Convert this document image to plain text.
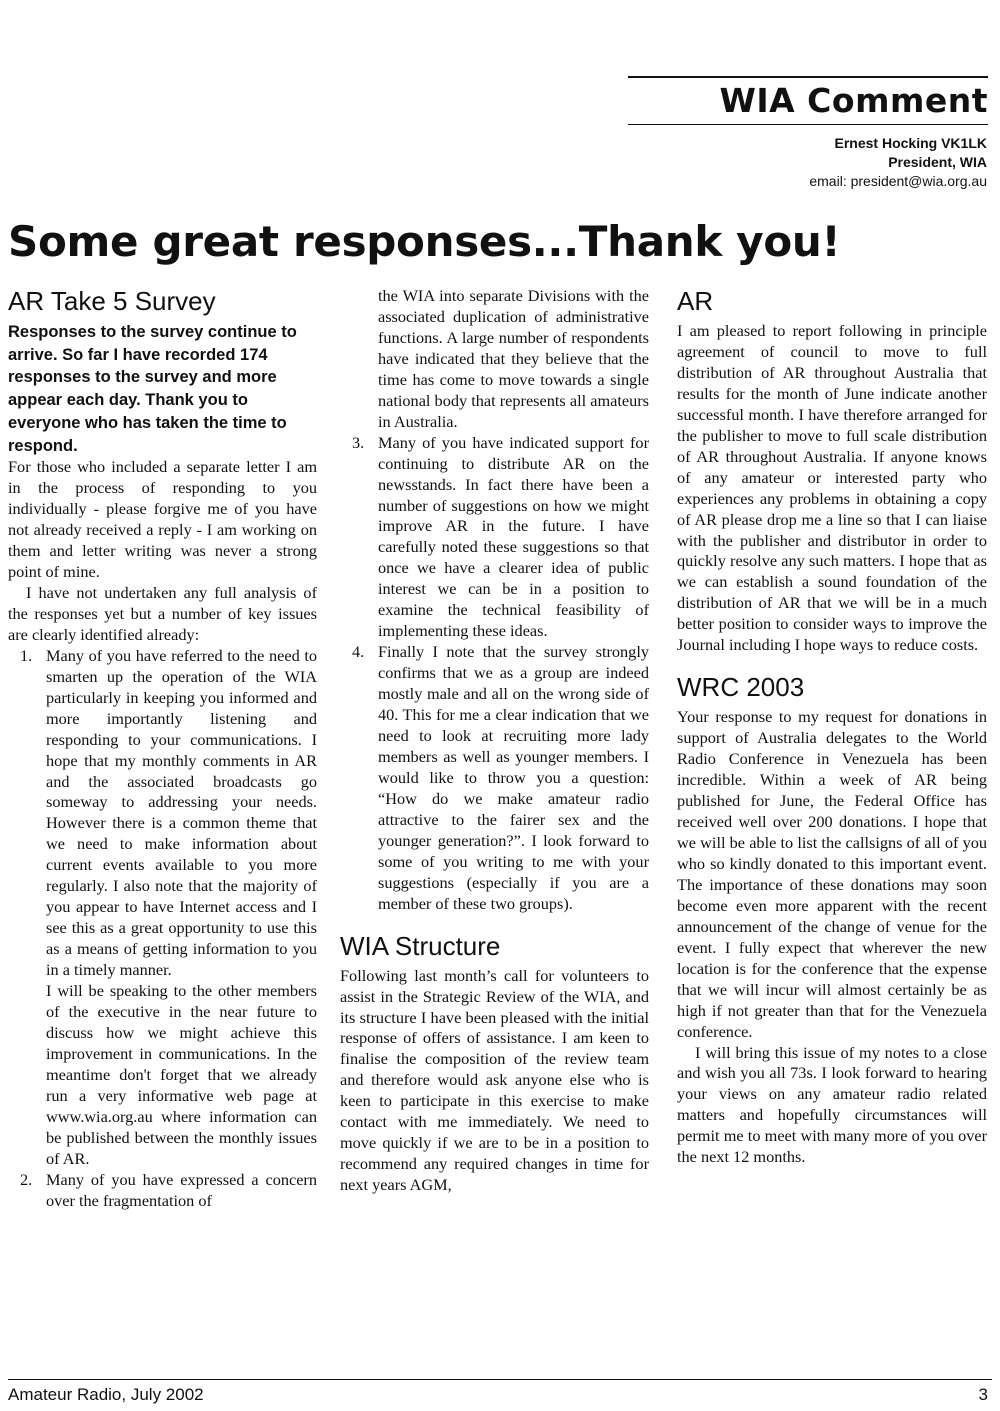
WIA Comment
Ernest Hocking VK1LK
President, WIA
email: president@wia.org.au
Some great responses...Thank you!
AR Take 5 Survey

Responses to the survey continue to arrive. So far I have recorded 174 responses to the survey and more appear each day. Thank you to everyone who has taken the time to respond.

For those who included a separate letter I am in the process of responding to you individually - please forgive me of you have not already received a reply - I am working on them and letter writing was never a strong point of mine.

I have not undertaken any full analysis of the responses yet but a number of key issues are clearly identified already:

1. Many of you have referred to the need to smarten up the operation of the WIA particularly in keeping you informed and more importantly listening and responding to your communications. I hope that my monthly comments in AR and the associated broadcasts go someway to addressing your needs. However there is a common theme that we need to make information about current events available to you more regularly. I also note that the majority of you appear to have Internet access and I see this as a great opportunity to use this as a means of getting information to you in a timely manner.

I will be speaking to the other members of the executive in the near future to discuss how we might achieve this improvement in communications. In the meantime don't forget that we already run a very informative web page at www.wia.org.au where information can be published between the monthly issues of AR.

2. Many of you have expressed a concern over the fragmentation of

the WIA into separate Divisions with the associated duplication of administrative functions. A large number of respondents have indicated that they believe that the time has come to move towards a single national body that represents all amateurs in Australia.

3. Many of you have indicated support for continuing to distribute AR on the newsstands. In fact there have been a number of suggestions on how we might improve AR in the future. I have carefully noted these suggestions so that once we have a clearer idea of public interest we can be in a position to examine the technical feasibility of implementing these ideas.
4. Finally I note that the survey strongly confirms that we as a group are indeed mostly male and all on the wrong side of 40. This for me a clear indication that we need to look at recruiting more lady members as well as younger members. I would like to throw you a question: “How do we make amateur radio attractive to the fairer sex and the younger generation?”. I look forward to some of you writing to me with your suggestions (especially if you are a member of these two groups).
WIA Structure

Following last month’s call for volunteers to assist in the Strategic Review of the WIA, and its structure I have been pleased with the initial response of offers of assistance. I am keen to finalise the composition of the review team and therefore would ask anyone else who is keen to participate in this exercise to make contact with me immediately. We need to move quickly if we are to be in a position to recommend any required changes in time for next years AGM,

AR

I am pleased to report following in principle agreement of council to move to full distribution of AR throughout Australia that results for the month of June indicate another successful month. I have therefore arranged for the publisher to move to full scale distribution of AR throughout Australia. If anyone knows of any amateur or interested party who experiences any problems in obtaining a copy of AR please drop me a line so that I can liaise with the publisher and distributor in order to quickly resolve any such matters. I hope that as we can establish a sound foundation of the distribution of AR that we will be in a much better position to consider ways to improve the Journal including I hope ways to reduce costs.

WRC 2003

Your response to my request for donations in support of Australia delegates to the World Radio Conference in Venezuela has been incredible. Within a week of AR being published for June, the Federal Office has received well over 200 donations. I hope that we will be able to list the callsigns of all of you who so kindly donated to this important event. The importance of these donations may soon become even more apparent with the recent announcement of the change of venue for the event. I fully expect that wherever the new location is for the conference that the expense that we will incur will almost certainly be as high if not greater than that for the Venezuela conference.

I will bring this issue of my notes to a close and wish you all 73s. I look forward to hearing your views on any amateur radio related matters and hopefully circumstances will permit me to meet with many more of you over the next 12 months.

Amateur Radio, July 2002	3
